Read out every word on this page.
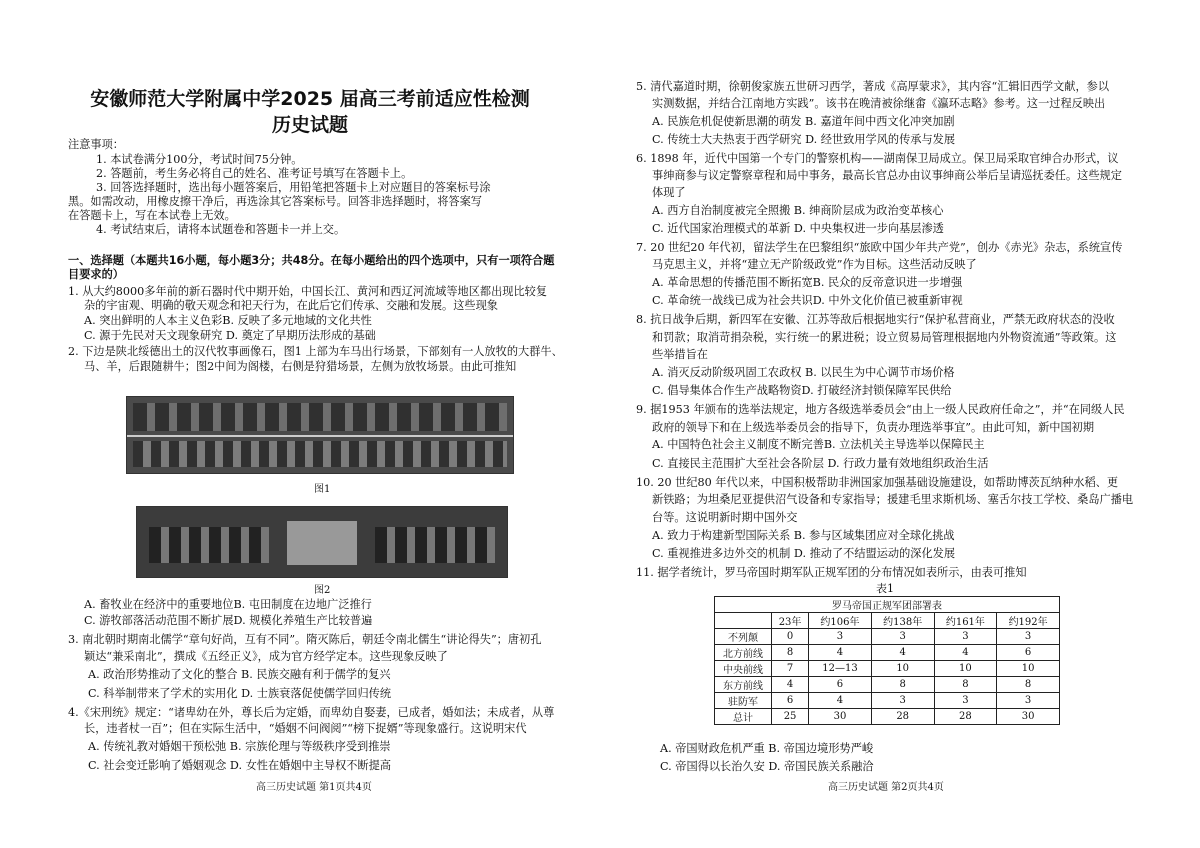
安徽师范大学附属中学2025 届高三考前适应性检测
历史试题
注意事项：
1. 本试卷满分100分，考试时间75分钟。
2. 答题前，考生务必将自己的姓名、准考证号填写在答题卡上。
3. 回答选择题时，选出每小题答案后，用铅笔把答题卡上对应题目的答案标号涂
黑。如需改动，用橡皮擦干净后，再选涂其它答案标号。回答非选择题时，将答案写
在答题卡上，写在本试卷上无效。
4. 考试结束后，请将本试题卷和答题卡一并上交。
一、选择题（本题共16小题，每小题3分；共48分。在每小题给出的四个选项中，只有一项符合题
目要求的）
1. 从大约8000多年前的新石器时代中期开始，中国长江、黄河和西辽河流域等地区都出现比较复
杂的宇宙观、明确的敬天观念和祀天行为，在此后它们传承、交融和发展。这些现象
A. 突出鲜明的人本主义色彩B. 反映了多元地域的文化共性
C. 源于先民对天文现象研究 D. 奠定了早期历法形成的基础
2. 下边是陕北绥德出土的汉代牧事画像石，图1 上部为车马出行场景，下部刻有一人放牧的大群牛、
马、羊，后跟随耕牛；图2中间为阁楼，右侧是狩猎场景，左侧为放牧场景。由此可推知
图1
图2
A. 畜牧业在经济中的重要地位B. 屯田制度在边地广泛推行
C. 游牧部落活动范围不断扩展D. 规模化养殖生产比较普遍
3. 南北朝时期南北儒学“章句好尚，互有不同”。隋灭陈后，朝廷令南北儒生“讲论得失”；唐初孔
颖达“兼采南北”，撰成《五经正义》，成为官方经学定本。这些现象反映了
A. 政治形势推动了文化的整合 B. 民族交融有利于儒学的复兴
C. 科举制带来了学术的实用化 D. 士族衰落促使儒学回归传统
4.《宋刑统》规定：“诸卑幼在外，尊长后为定婚，而卑幼自娶妻，已成者，婚如法；未成者，从尊
长，违者杖一百”；但在实际生活中，“婚姻不问阀阅”“榜下捉婿”等现象盛行。这说明宋代
A. 传统礼教对婚姻干预松弛 B. 宗族伦理与等级秩序受到推崇
C. 社会变迁影响了婚姻观念 D. 女性在婚姻中主导权不断提高
高三历史试题 第1页共4页
5. 清代嘉道时期，徐朝俊家族五世研习西学，著成《高厚蒙求》，其内容“汇辑旧西学文献，参以
实测数据，并结合江南地方实践”。该书在晚清被徐继畬《瀛环志略》参考。这一过程反映出
A. 民族危机促使新思潮的萌发 B. 嘉道年间中西文化冲突加剧
C. 传统士大夫热衷于西学研究 D. 经世致用学风的传承与发展
6. 1898 年，近代中国第一个专门的警察机构——湖南保卫局成立。保卫局采取官绅合办形式，议
事绅商参与议定警察章程和局中事务，最高长官总办由议事绅商公举后呈请巡抚委任。这些规定
体现了
A. 西方自治制度被完全照搬 B. 绅商阶层成为政治变革核心
C. 近代国家治理模式的革新 D. 中央集权进一步向基层渗透
7. 20 世纪20 年代初，留法学生在巴黎组织“旅欧中国少年共产党”，创办《赤光》杂志，系统宣传
马克思主义，并将“建立无产阶级政党”作为目标。这些活动反映了
A. 革命思想的传播范围不断拓宽B. 民众的反帝意识进一步增强
C. 革命统一战线已成为社会共识D. 中外文化价值已被重新审视
8. 抗日战争后期，新四军在安徽、江苏等敌后根据地实行“保护私营商业，严禁无政府状态的没收
和罚款；取消苛捐杂税，实行统一的累进税；设立贸易局管理根据地内外物资流通”等政策。这
些举措旨在
A. 消灭反动阶级巩固工农政权 B. 以民生为中心调节市场价格
C. 倡导集体合作生产战略物资D. 打破经济封锁保障军民供给
9. 据1953 年颁布的选举法规定，地方各级选举委员会“由上一级人民政府任命之”，并“在同级人民
政府的领导下和在上级选举委员会的指导下，负责办理选举事宜”。由此可知，新中国初期
A. 中国特色社会主义制度不断完善B. 立法机关主导选举以保障民主
C. 直接民主范围扩大至社会各阶层 D. 行政力量有效地组织政治生活
10. 20 世纪80 年代以来，中国积极帮助非洲国家加强基础设施建设，如帮助博茨瓦纳种水稻、更
新铁路；为坦桑尼亚提供沼气设备和专家指导；援建毛里求斯机场、塞舌尔技工学校、桑岛广播电
台等。这说明新时期中国外交
A. 致力于构建新型国际关系 B. 参与区域集团应对全球化挑战
C. 重视推进多边外交的机制 D. 推动了不结盟运动的深化发展
11. 据学者统计，罗马帝国时期军队正规军团的分布情况如表所示，由表可推知
表1
罗马帝国正规军团部署表					
	23年	约106年	约138年	约161年	约192年
不列颠	0	3	3	3	3
北方前线	8	4	4	4	6
中央前线	7	12—13	10	10	10
东方前线	4	6	8	8	8
驻防军	6	4	3	3	3
总计	25	30	28	28	30
A. 帝国财政危机严重 B. 帝国边境形势严峻
C. 帝国得以长治久安 D. 帝国民族关系融洽
高三历史试题 第2页共4页
